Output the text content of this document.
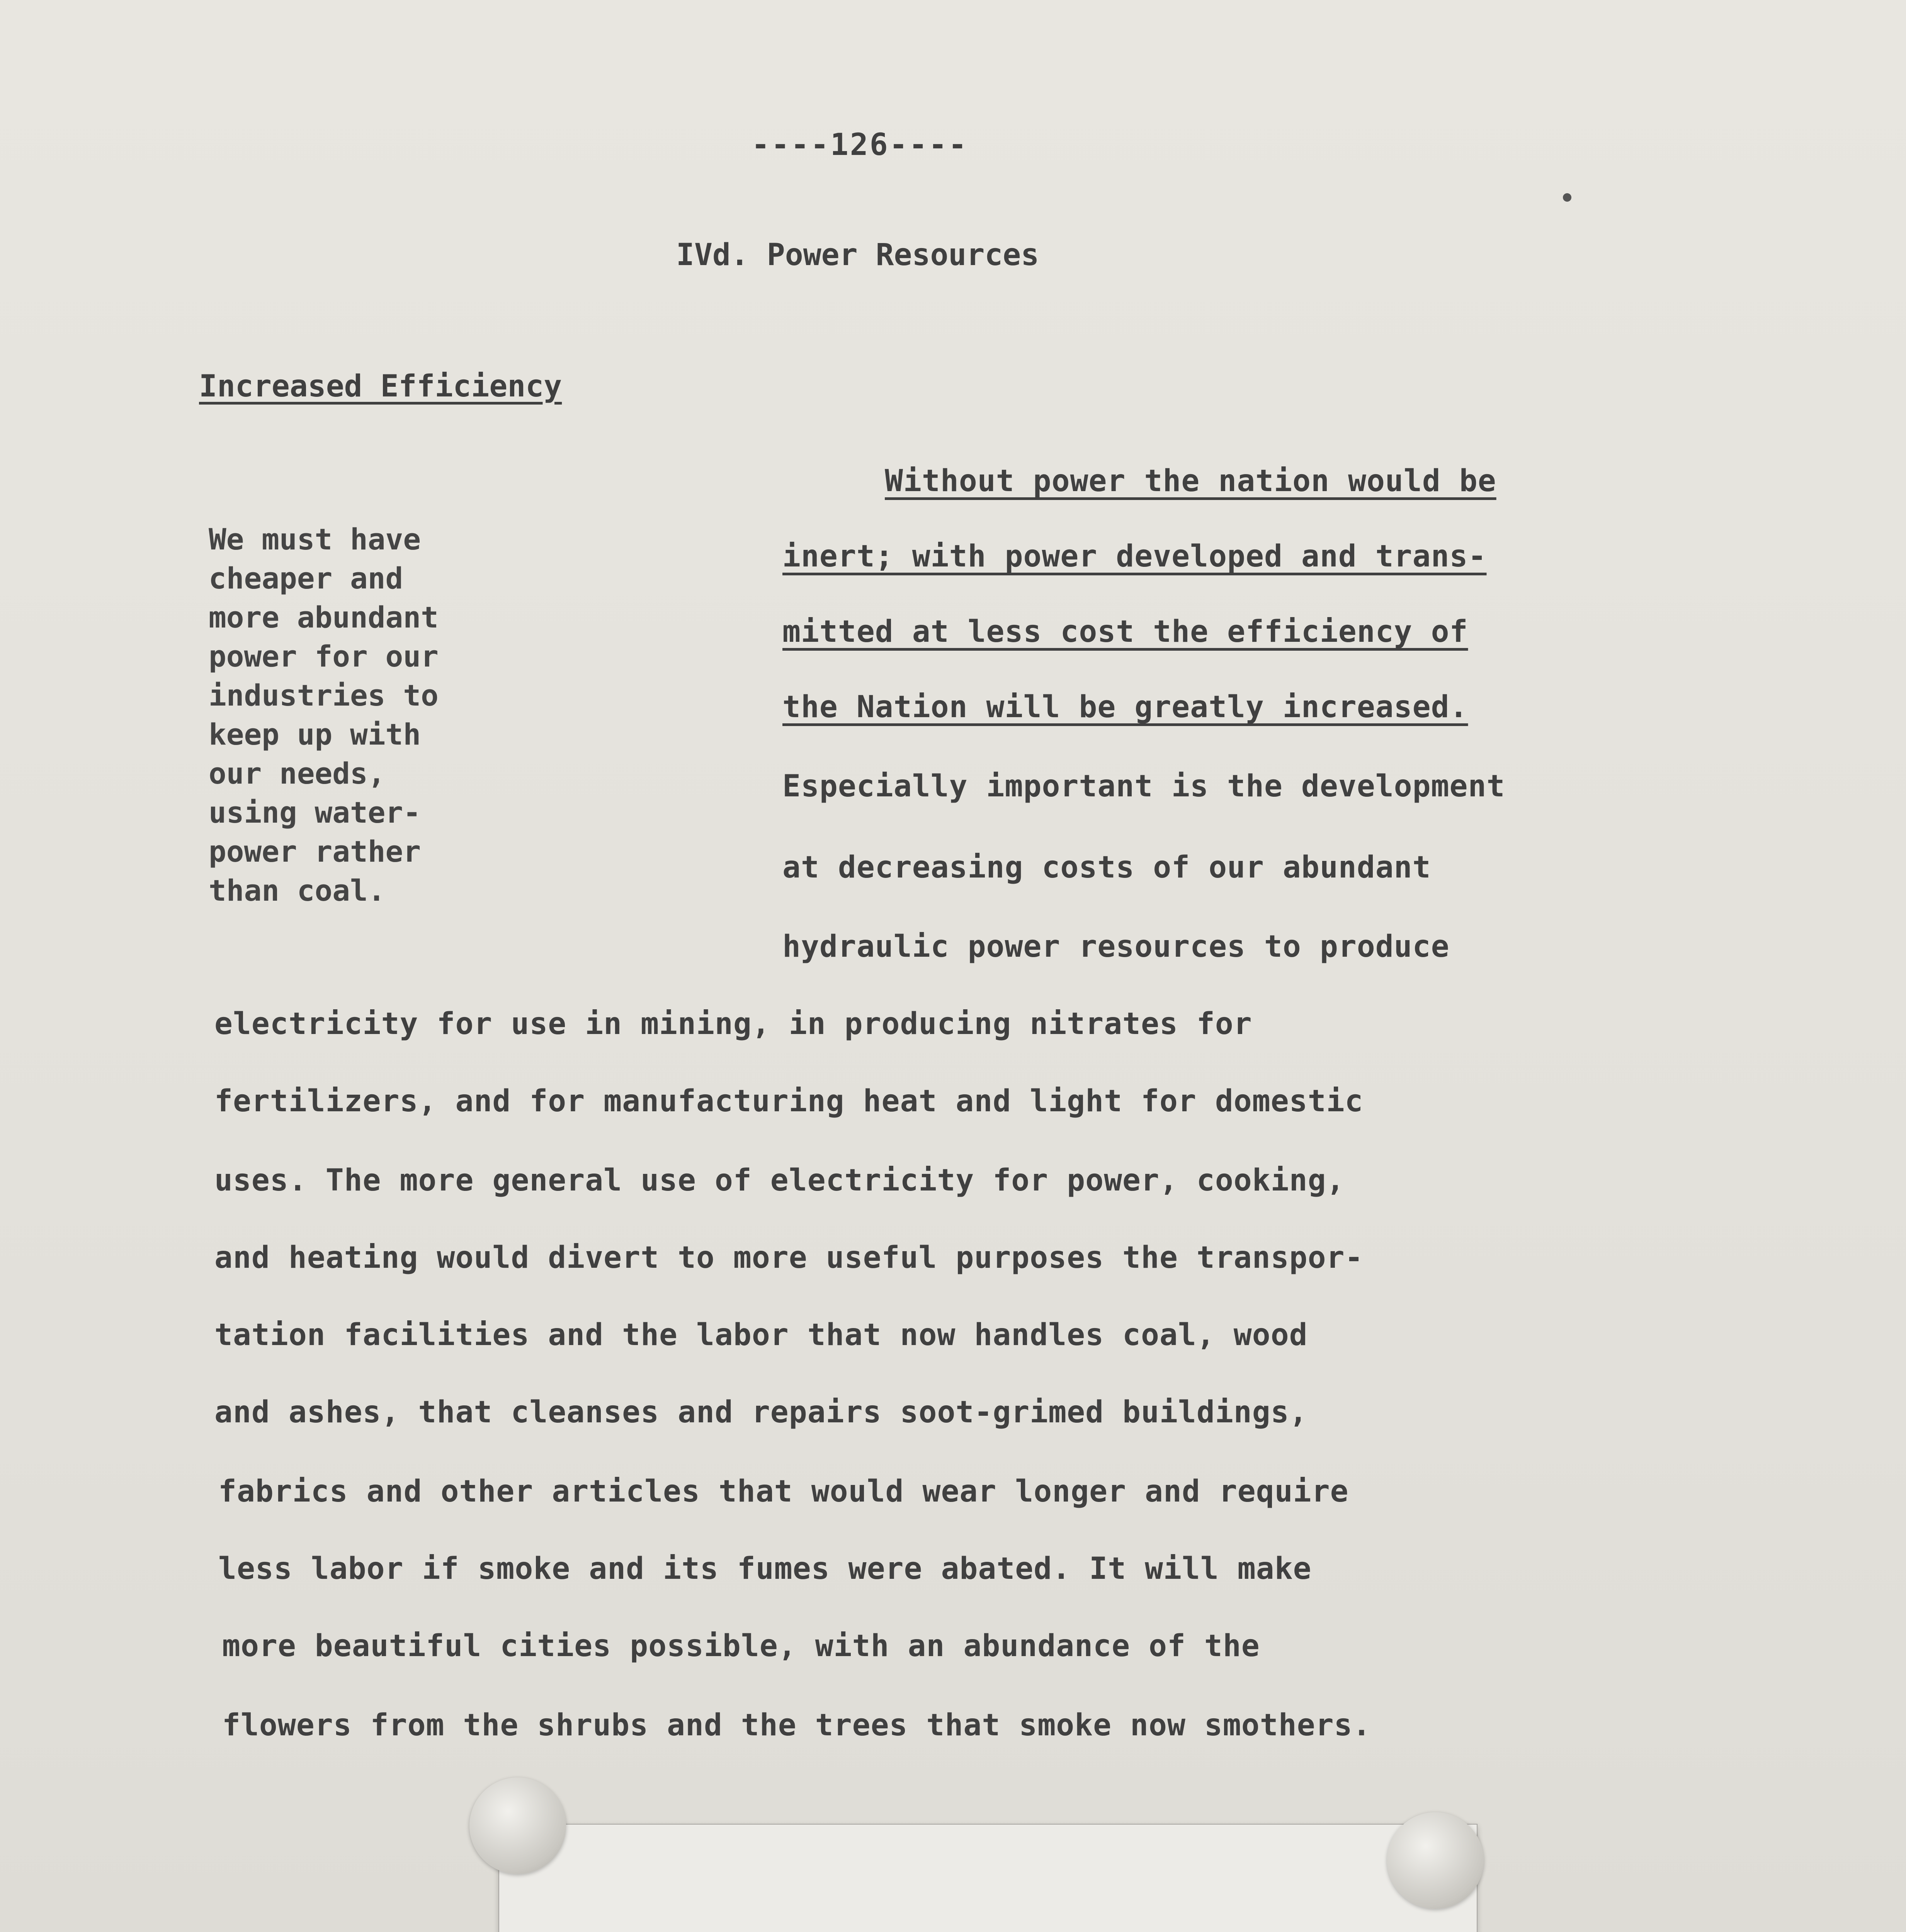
----126----
IVd. Power Resources
Increased Efficiency
We must have
cheaper and
more abundant
power for our
industries to
keep up with
our needs,
using water-
power rather
than coal.
Without power the nation would be
inert; with power developed and trans-
mitted at less cost the efficiency of
the Nation will be greatly increased.
Especially important is the development
at decreasing costs of our abundant
hydraulic power resources to produce
electricity for use in mining, in producing nitrates for
fertilizers, and for manufacturing heat and light for domestic
uses. The more general use of electricity for power, cooking,
and heating would divert to more useful purposes the transpor-
tation facilities and the labor that now handles coal, wood
and ashes, that cleanses and repairs soot-grimed buildings,
fabrics and other articles that would wear longer and require
less labor if smoke and its fumes were abated. It will make
more beautiful cities possible, with an abundance of the
flowers from the shrubs and the trees that smoke now smothers.
